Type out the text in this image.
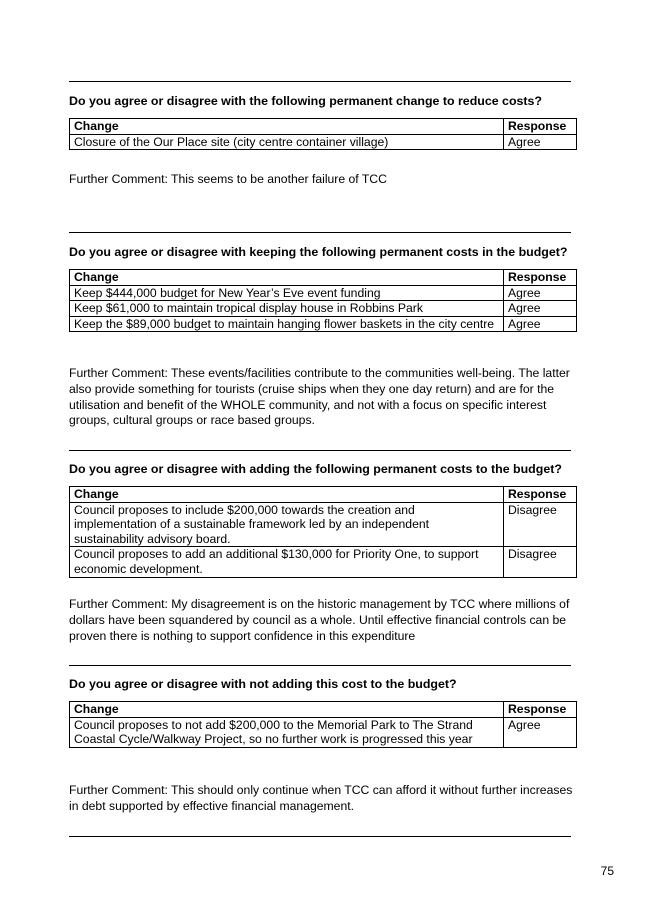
Do you agree or disagree with the following permanent change to reduce costs?
Change	Response
Closure of the Our Place site (city centre container village)	Agree
Further Comment: This seems to be another failure of TCC
Do you agree or disagree with keeping the following permanent costs in the budget?
Change	Response
Keep $444,000 budget for New Year’s Eve event funding	Agree
Keep $61,000 to maintain tropical display house in Robbins Park	Agree
Keep the $89,000 budget to maintain hanging flower baskets in the city centre	Agree
Further Comment: These events/facilities contribute to the communities well-being. The latter also provide something for tourists (cruise ships when they one day return) and are for the utilisation and benefit of the WHOLE community, and not with a focus on specific interest groups, cultural groups or race based groups.
Do you agree or disagree with adding the following permanent costs to the budget?
Change	Response
Council proposes to include $200,000 towards the creation and implementation of a sustainable framework led by an independent sustainability advisory board.	Disagree
Council proposes to add an additional $130,000 for Priority One, to support economic development.	Disagree
Further Comment: My disagreement is on the historic management by TCC where millions of dollars have been squandered by council as a whole. Until effective financial controls can be proven there is nothing to support confidence in this expenditure
Do you agree or disagree with not adding this cost to the budget?
Change	Response
Council proposes to not add $200,000 to the Memorial Park to The Strand Coastal Cycle/Walkway Project, so no further work is progressed this year	Agree
Further Comment: This should only continue when TCC can afford it without further increases in debt supported by effective financial management.
75
